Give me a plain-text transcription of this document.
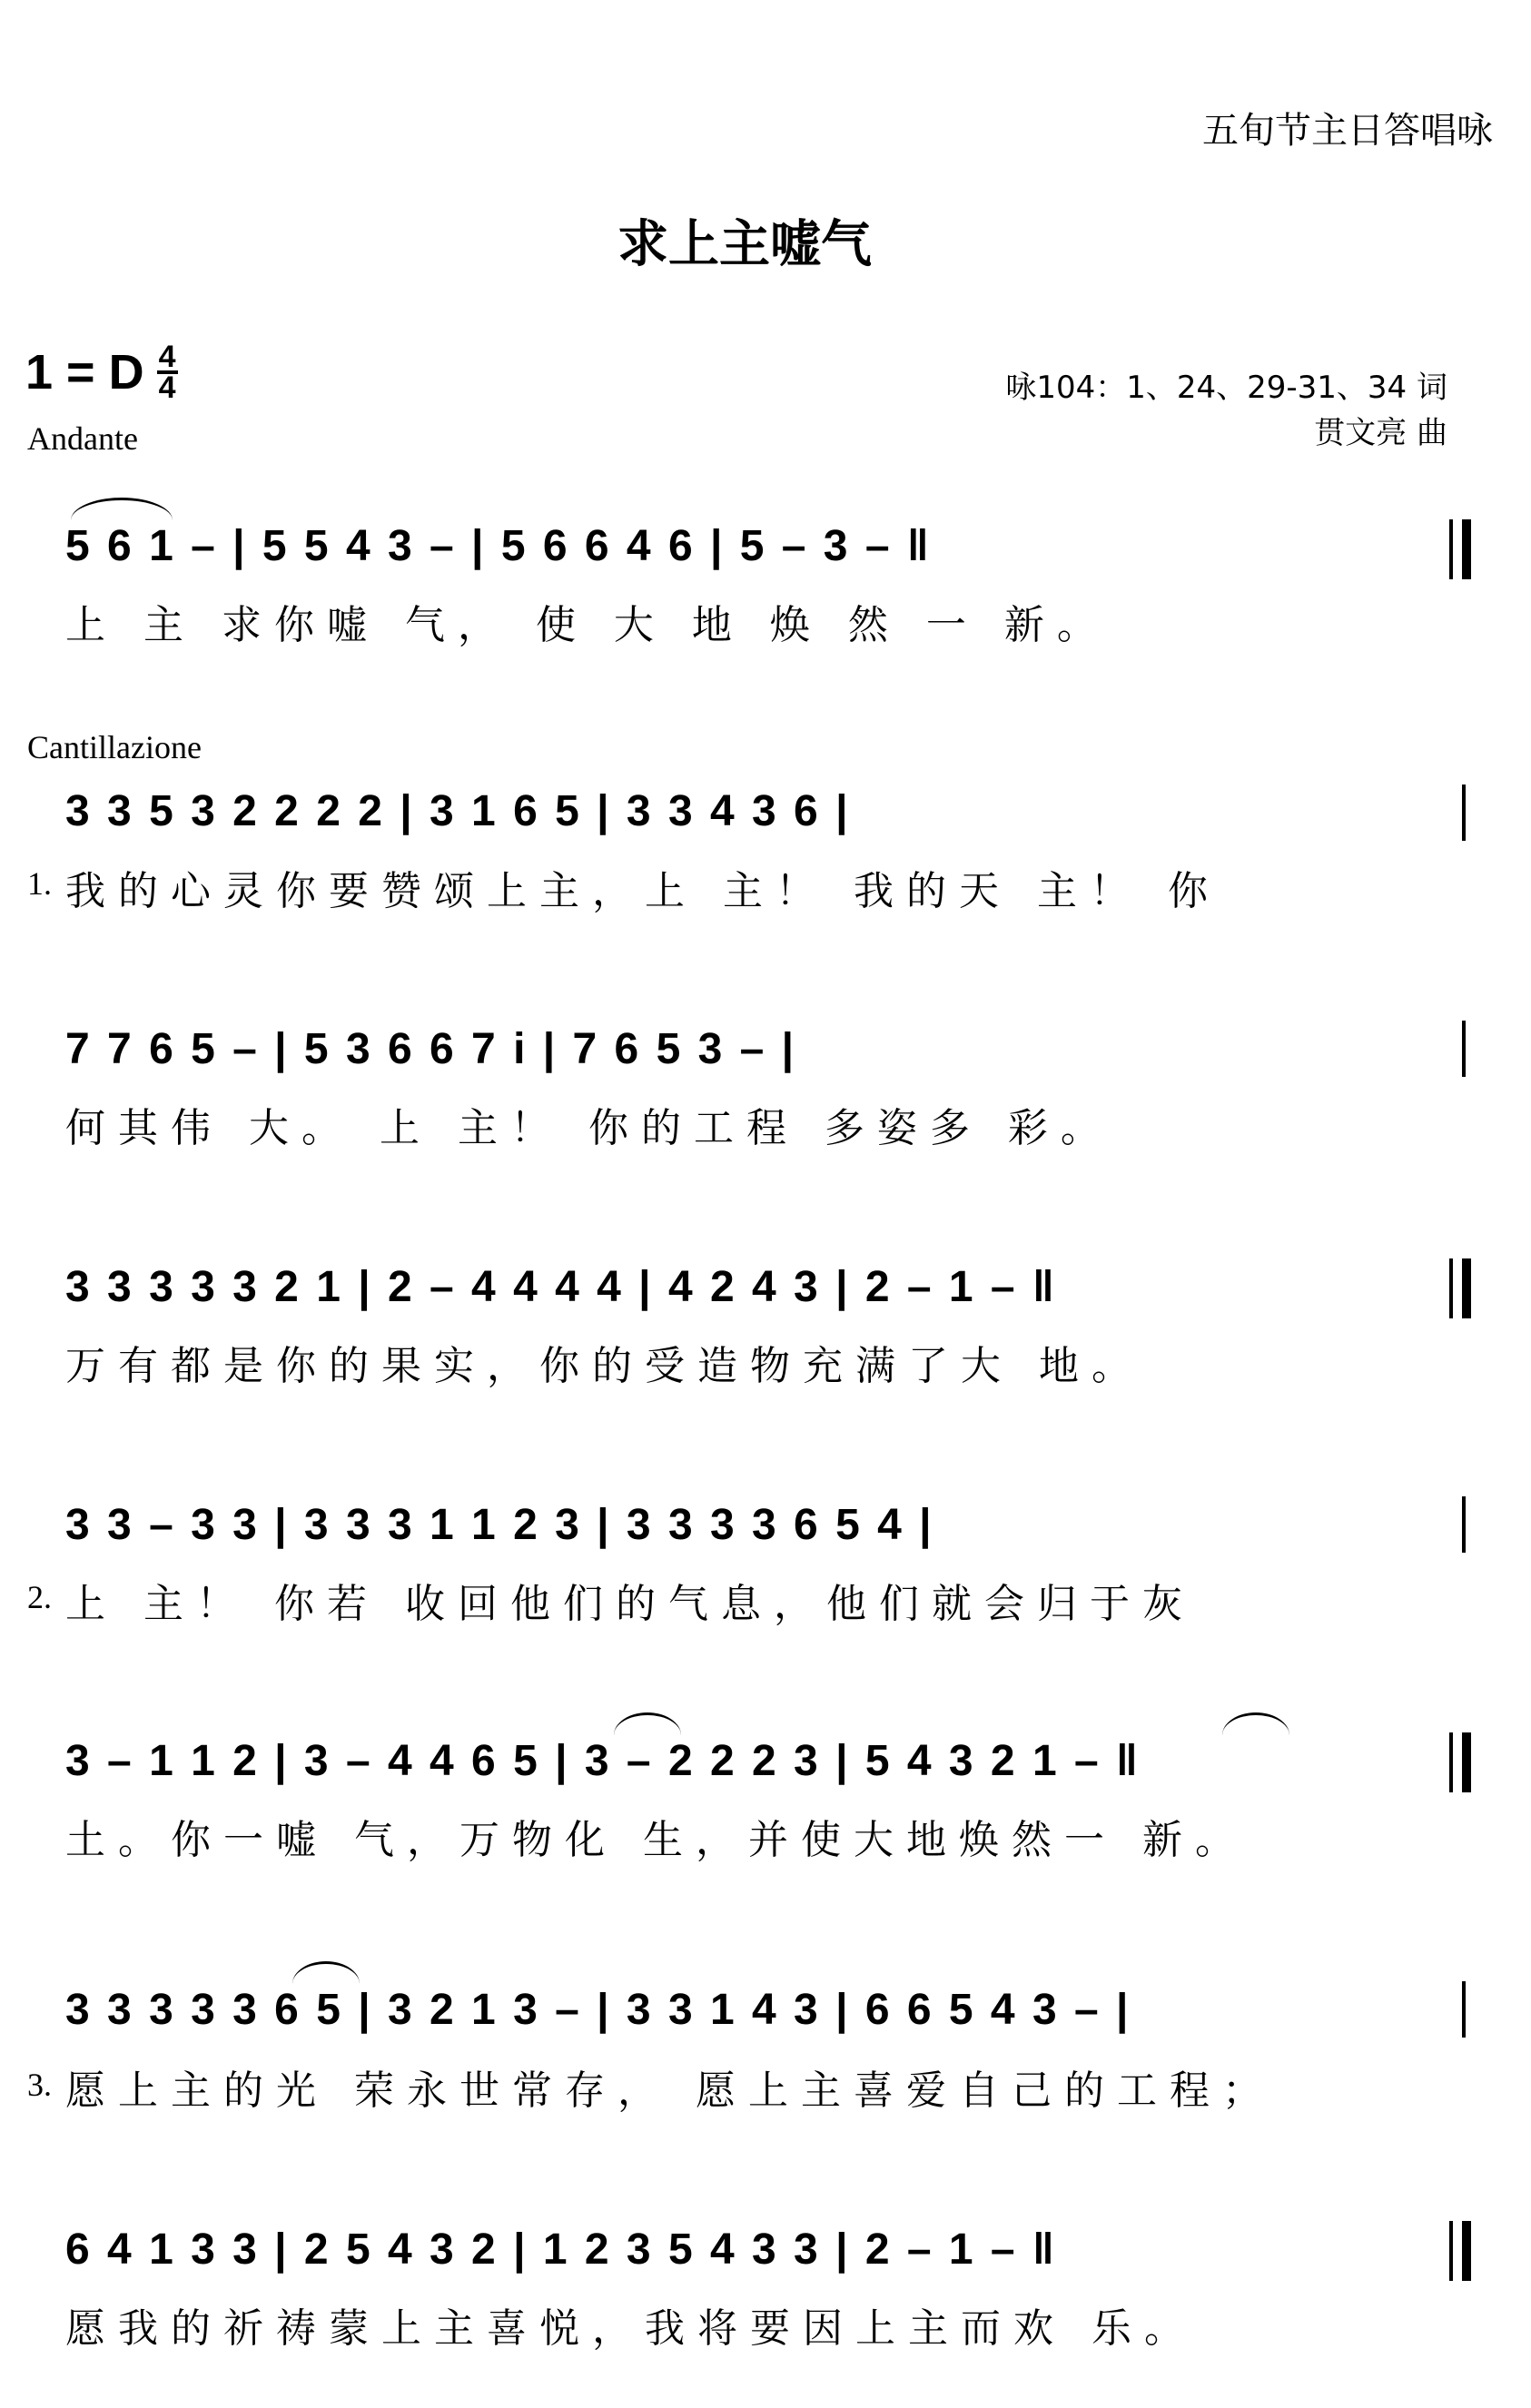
五旬节主日答唱咏
求上主嘘气
1 = D $\frac{4}{4}$
Andante
咏104：1、24、29-31、34 词
贯文亮 曲
5 6 1 – | 5 5 4 3 – | 5 6 6 4 6 | 5 – 3 – ‖
上 主 求你嘘 气， 使 大 地 焕 然 一 新。
Cantillazione
1.
3 3 5 3 2 2 2 2 | 3 1 6 5 | 3 3 4 3 6 |
我的心灵你要赞颂上主，上 主！ 我的天 主！ 你
7 7 6 5 – | 5 3 6 6 7 i | 7 6 5 3 – |
何其伟 大。 上 主！ 你的工程 多姿多 彩。
3 3 3 3 3 2 1 | 2 – 4 4 4 4 | 4 2 4 3 | 2 – 1 – ‖
万有都是你的果实，你的受造物充满了大 地。
2.
3 3 – 3 3 | 3 3 3 1 1 2 3 | 3 3 3 3 6 5 4 |
上 主！ 你若 收回他们的气息，他们就会归于灰
3 – 1 1 2 | 3 – 4 4 6 5 | 3 – 2 2 2 3 | 5 4 3 2 1 – ‖
土。你一嘘 气，万物化 生，并使大地焕然一 新。
3.
3 3 3 3 3 6 5 | 3 2 1 3 – | 3 3 1 4 3 | 6 6 5 4 3 – |
愿上主的光 荣永世常存， 愿上主喜爱自己的工程；
6 4 1 3 3 | 2 5 4 3 2 | 1 2 3 5 4 3 3 | 2 – 1 – ‖
愿我的祈祷蒙上主喜悦，我将要因上主而欢 乐。
